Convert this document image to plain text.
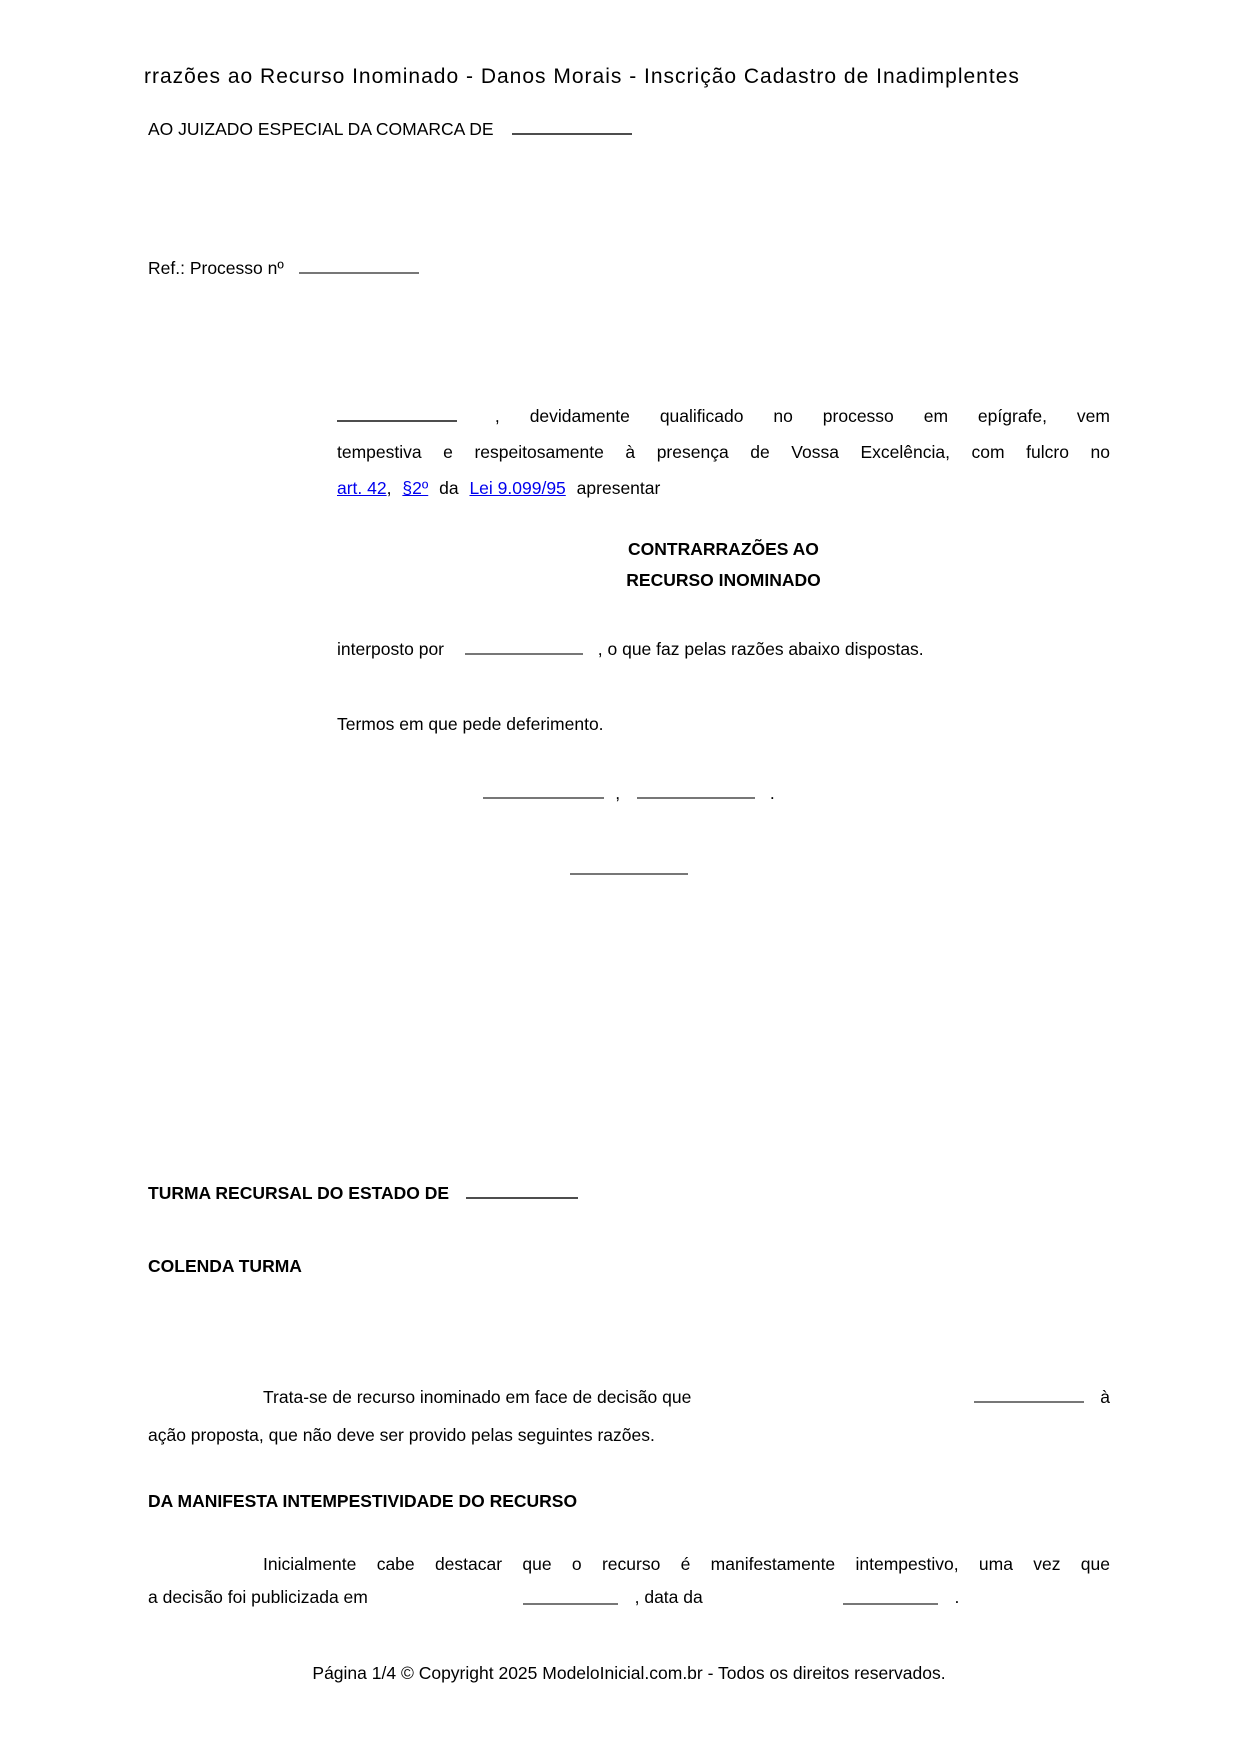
rrazões ao Recurso Inominado - Danos Morais - Inscrição Cadastro de Inadimplentes
AO JUIZADO ESPECIAL DA COMARCA DE
Ref.: Processo nº
, devidamente qualificado no processo em epígrafe, vem
tempestiva e respeitosamente à presença de Vossa Excelência, com fulcro no
art. 42, §2º da Lei 9.099/95 apresentar
CONTRARRAZÕES AO
RECURSO INOMINADO
interposto por	, o que faz pelas razões abaixo dispostas.
Termos em que pede deferimento.
,	.
TURMA RECURSAL DO ESTADO DE
COLENDA TURMA
Trata-se de recurso inominado em face de decisão que	à
ação proposta, que não deve ser provido pelas seguintes razões.
DA MANIFESTA INTEMPESTIVIDADE DO RECURSO
Inicialmente cabe destacar que o recurso é manifestamente intempestivo, uma vez que
a decisão foi publicizada em	, data da	.
Página 1/4 © Copyright 2025 ModeloInicial.com.br - Todos os direitos reservados.
